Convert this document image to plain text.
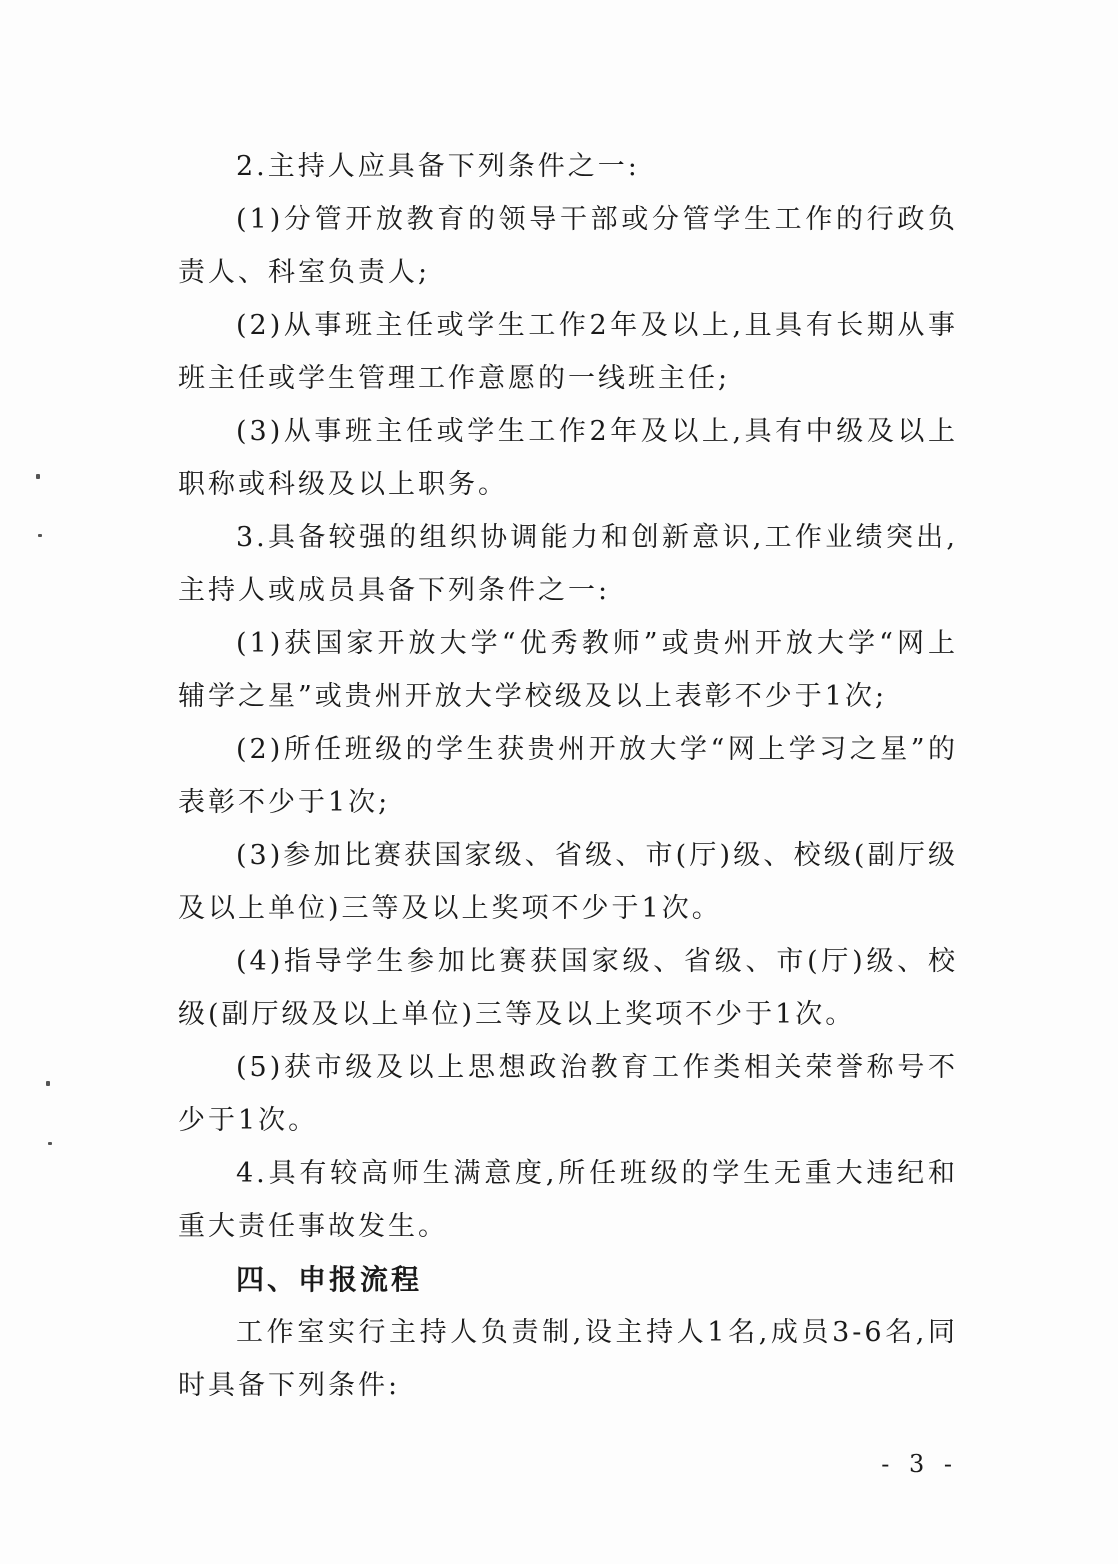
2.主持人应具备下列条件之一:

(1)分管开放教育的领导干部或分管学生工作的行政负责人、科室负责人;

(2)从事班主任或学生工作2年及以上,且具有长期从事班主任或学生管理工作意愿的一线班主任;

(3)从事班主任或学生工作2年及以上,具有中级及以上职称或科级及以上职务。

3.具备较强的组织协调能力和创新意识,工作业绩突出,主持人或成员具备下列条件之一:

(1)获国家开放大学“优秀教师”或贵州开放大学“网上辅学之星”或贵州开放大学校级及以上表彰不少于1次;

(2)所任班级的学生获贵州开放大学“网上学习之星”的表彰不少于1次;

(3)参加比赛获国家级、省级、市(厅)级、校级(副厅级及以上单位)三等及以上奖项不少于1次。

(4)指导学生参加比赛获国家级、省级、市(厅)级、校级(副厅级及以上单位)三等及以上奖项不少于1次。

(5)获市级及以上思想政治教育工作类相关荣誉称号不少于1次。

4.具有较高师生满意度,所任班级的学生无重大违纪和重大责任事故发生。

四、申报流程

工作室实行主持人负责制,设主持人1名,成员3-6名,同时具备下列条件:

- 3 -
